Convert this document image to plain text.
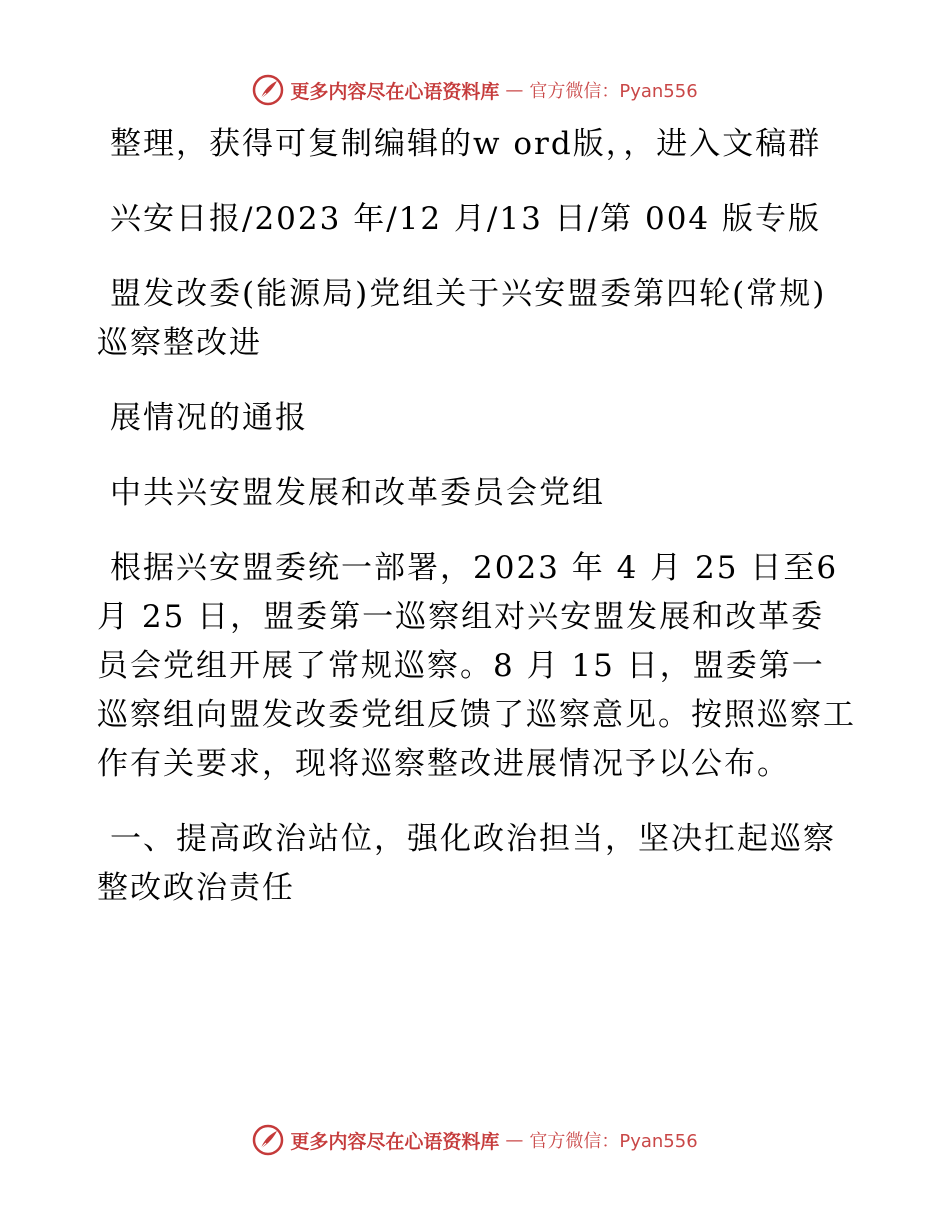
更多内容尽在心语资料库 — 官方微信：Pyan556

整理，获得可复制编辑的w ord版，，进入文稿群

兴安日报/2023 年/12 月/13 日/第 004 版专版

盟发改委(能源局)党组关于兴安盟委第四轮(常规)巡察整改进

展情况的通报

中共兴安盟发展和改革委员会党组

根据兴安盟委统一部署，2023 年 4 月 25 日至6 月 25 日，盟委第一巡察组对兴安盟发展和改革委员会党组开展了常规巡察。8 月 15 日，盟委第一巡察组向盟发改委党组反馈了巡察意见。按照巡察工作有关要求，现将巡察整改进展情况予以公布。

一、提高政治站位，强化政治担当，坚决扛起巡察整改政治责任

更多内容尽在心语资料库 — 官方微信：Pyan556
